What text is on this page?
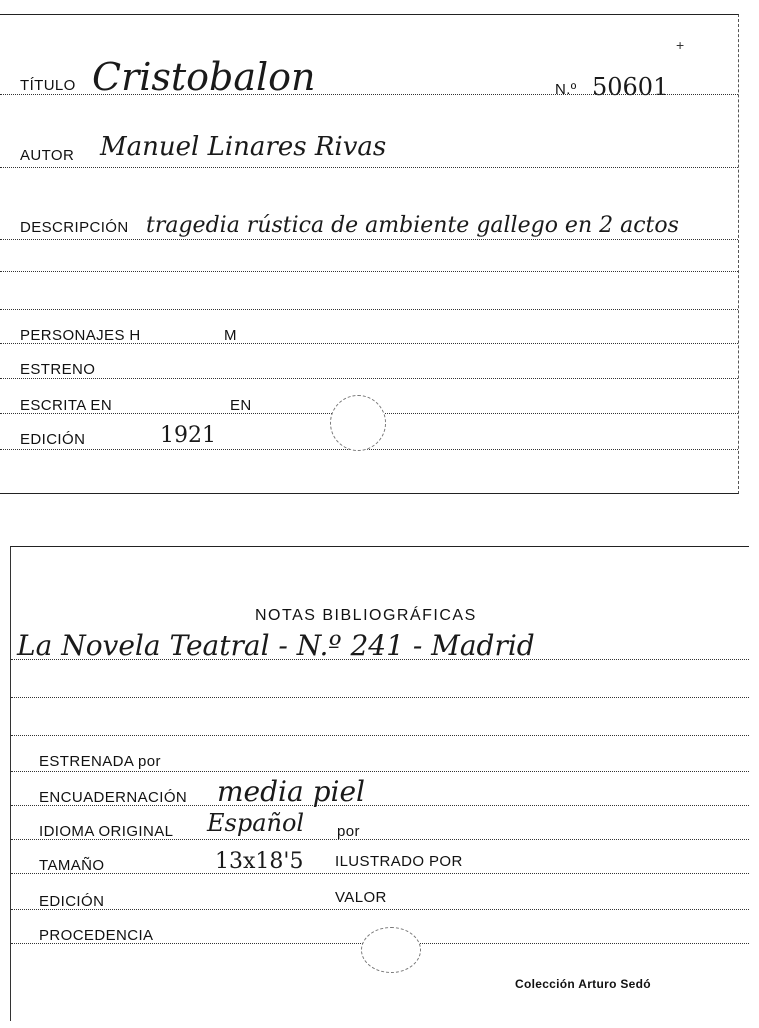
+
TÍTULO Cristobalon	N.º 50601
AUTOR Manuel Linares Rivas
DESCRIPCIÓN tragedia rústica de ambiente gallego en 2 actos
PERSONAJES H	M
ESTRENO
ESCRITA EN	EN
EDICIÓN	1921
NOTAS BIBLIOGRÁFICAS
La Novela Teatral - N.º 241 - Madrid
ESTRENADA por
ENCUADERNACIÓN media piel
IDIOMA ORIGINAL Español por
TAMAÑO	13x18'5 ILUSTRADO POR
EDICIÓN	VALOR
PROCEDENCIA
Colección Arturo Sedó
